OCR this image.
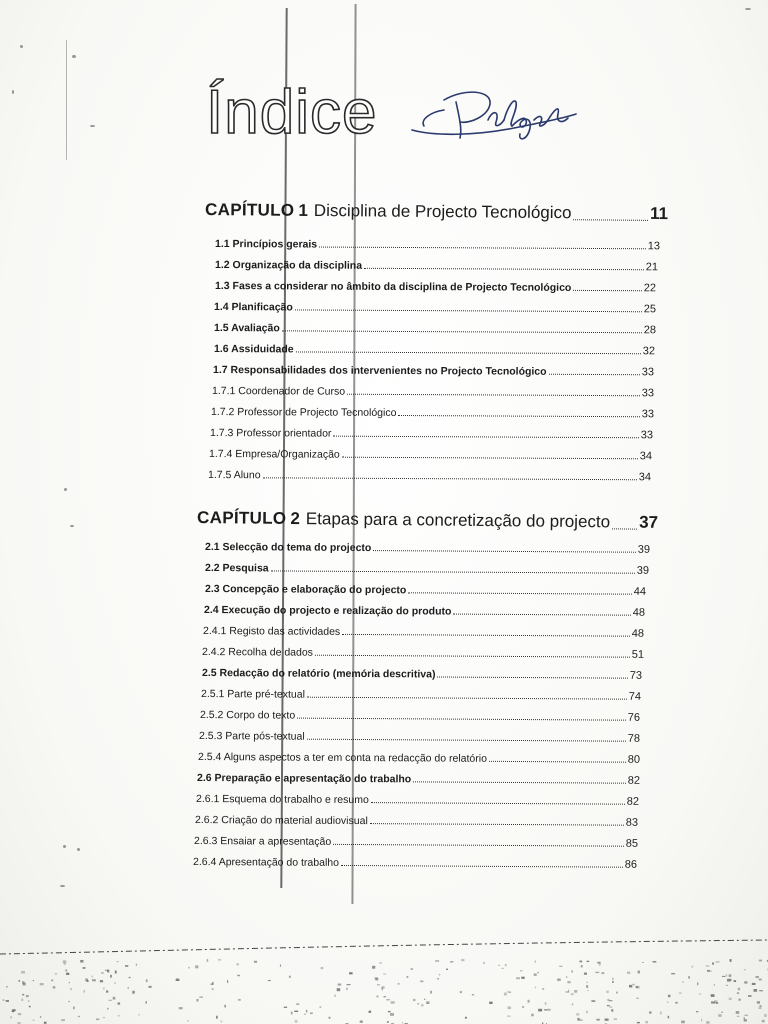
Índice
CAPÍTULO 1 Disciplina de Projecto Tecnológico	11
1.1 Princípios gerais	13
1.2 Organização da disciplina	21
1.3 Fases a considerar no âmbito da disciplina de Projecto Tecnológico	22
1.4 Planificação	25
1.5 Avaliação	28
1.6 Assiduidade	32
1.7 Responsabilidades dos intervenientes no Projecto Tecnológico	33
1.7.1 Coordenador de Curso	33
1.7.2 Professor de Projecto Tecnológico	33
1.7.3 Professor orientador	33
1.7.4 Empresa/Organização	34
1.7.5 Aluno	34
CAPÍTULO 2 Etapas para a concretização do projecto 37
2.1 Selecção do tema do projecto	39
2.2 Pesquisa	39
2.3 Concepção e elaboração do projecto	44
2.4 Execução do projecto e realização do produto	48
2.4.1 Registo das actividades	48
2.4.2 Recolha de dados	51
2.5 Redacção do relatório (memória descritiva)	73
2.5.1 Parte pré-textual	74
2.5.2 Corpo do texto	76
2.5.3 Parte pós-textual	78
2.5.4 Alguns aspectos a ter em conta na redacção do relatório	80
2.6 Preparação e apresentação do trabalho	82
2.6.1 Esquema do trabalho e resumo	82
2.6.2 Criação do material audiovisual	83
2.6.3 Ensaiar a apresentação	85
2.6.4 Apresentação do trabalho	86
